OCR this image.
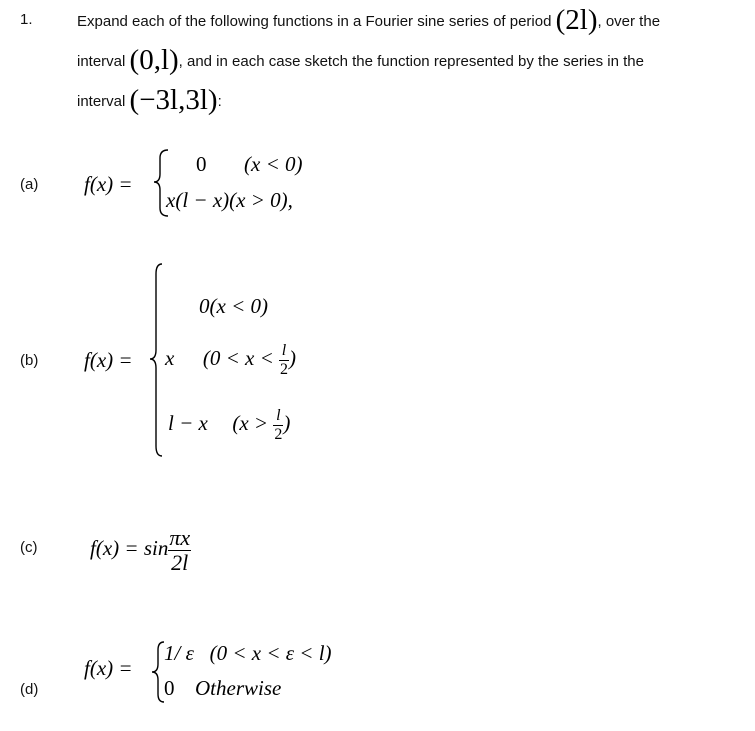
1.	Expand each of the following functions in a Fourier sine series of period (2l), over the
interval (0,l), and in each case sketch the function represented by the series in the
interval (−3l,3l):
(a) f(x) =
0 (x < 0)
x(l − x)(x > 0),
(b) f(x) =
0(x < 0)
x ($0 < x < \frac{l}{2}$ )
l − x ($x > \frac{l}{2}$ )
(c)	$f(x) = \sin \frac{\pi x}{2l}$
(d)
f(x) =
1/ ε   (0 < x < ε < l)
0 Otherwise
